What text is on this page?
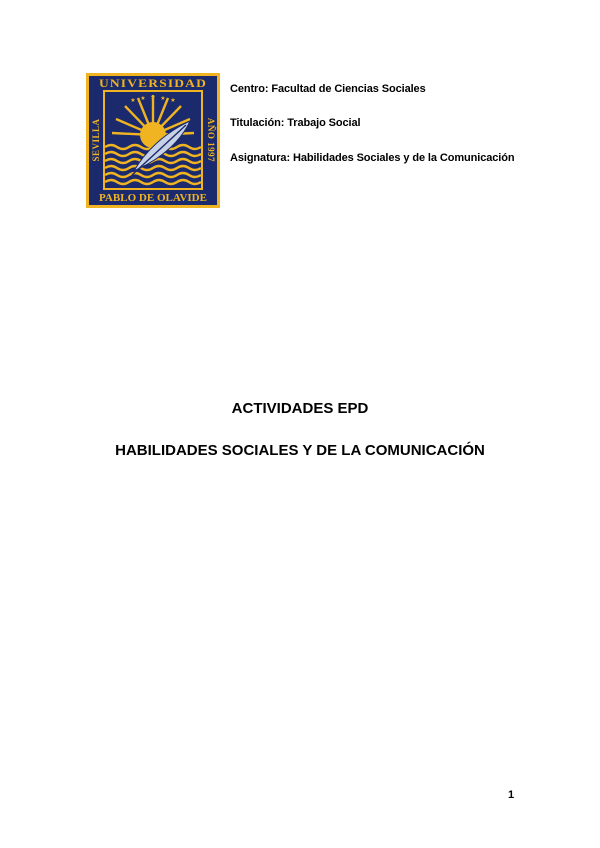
★ ★ ★ ★ ★
UNIVERSIDAD
PABLO DE OLAVIDE
SEVILLA	AÑO 1997
Centro: Facultad de Ciencias Sociales
Titulación: Trabajo Social
Asignatura: Habilidades Sociales y de la Comunicación
ACTIVIDADES EPD
HABILIDADES SOCIALES Y DE LA COMUNICACIÓN
1
